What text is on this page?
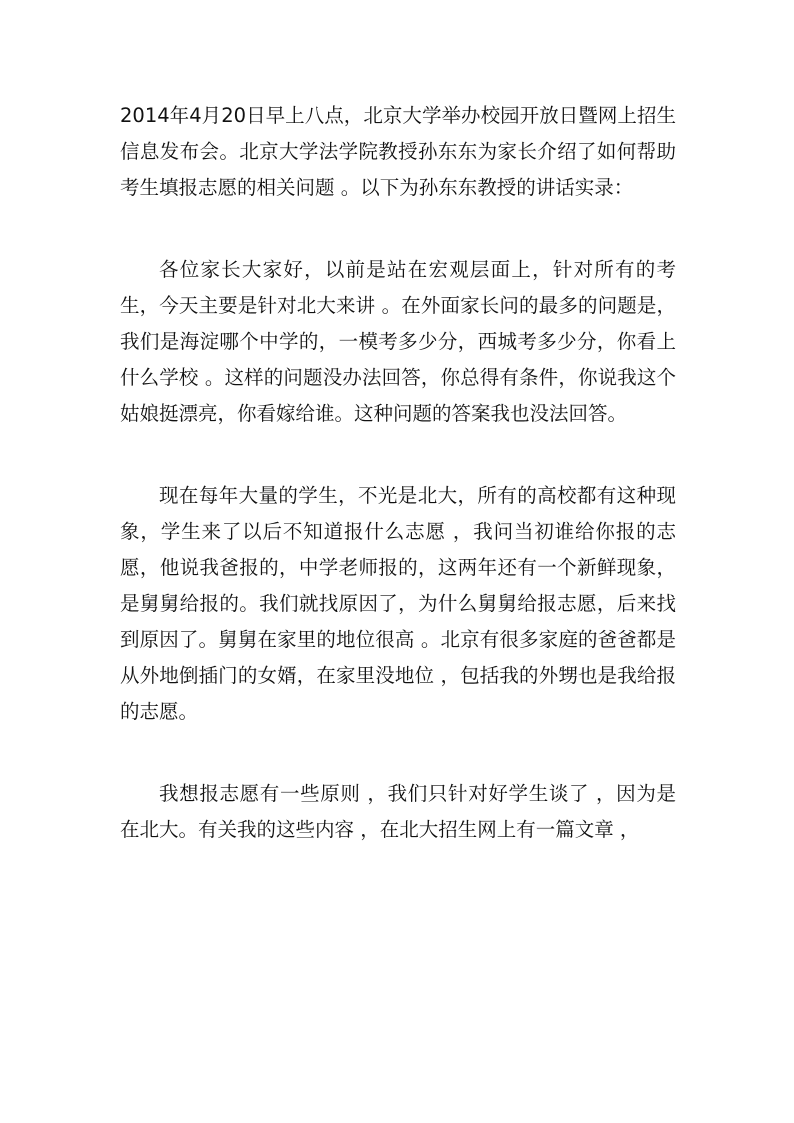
2014年4月20日早上八点，北京大学举办校园开放日暨网上招生信息发布会。北京大学法学院教授孙东东为家长介绍了如何帮助考生填报志愿的相关问题 。以下为孙东东教授的讲话实录：

各位家长大家好，以前是站在宏观层面上，针对所有的考生，今天主要是针对北大来讲 。在外面家长问的最多的问题是，我们是海淀哪个中学的，一模考多少分，西城考多少分，你看上什么学校 。这样的问题没办法回答，你总得有条件，你说我这个姑娘挺漂亮，你看嫁给谁。这种问题的答案我也没法回答。

现在每年大量的学生，不光是北大，所有的高校都有这种现象，学生来了以后不知道报什么志愿 ，我问当初谁给你报的志愿，他说我爸报的，中学老师报的，这两年还有一个新鲜现象，是舅舅给报的。我们就找原因了，为什么舅舅给报志愿，后来找到原因了。舅舅在家里的地位很高 。北京有很多家庭的爸爸都是从外地倒插门的女婿，在家里没地位 ，包括我的外甥也是我给报的志愿。

我想报志愿有一些原则 ，我们只针对好学生谈了 ，因为是在北大。有关我的这些内容 ，在北大招生网上有一篇文章 ，
